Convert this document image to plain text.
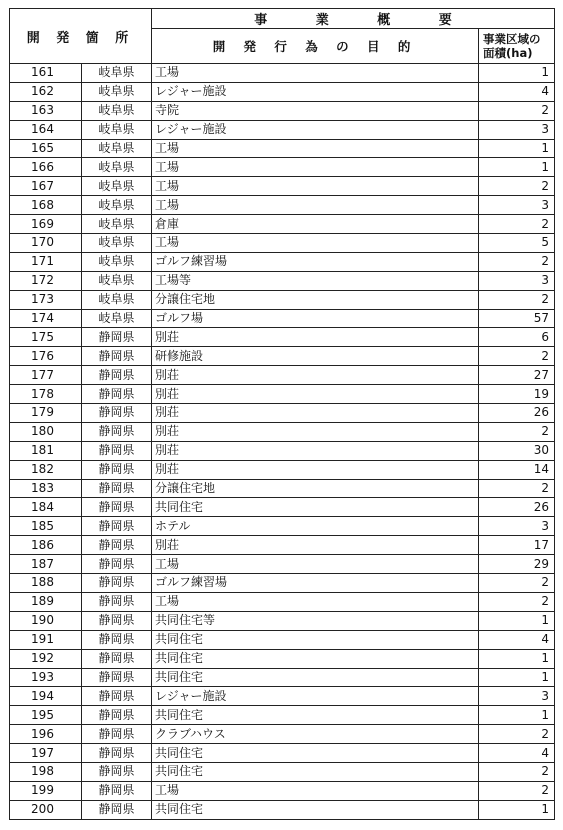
開 発 箇 所		事 業 概 要	
		開 発 行 為 の 目 的	事業区域の
面積(ha)

161	岐阜県	工場	1
162	岐阜県	レジャー施設	4
163	岐阜県	寺院	2
164	岐阜県	レジャー施設	3
165	岐阜県	工場	1
166	岐阜県	工場	1
167	岐阜県	工場	2
168	岐阜県	工場	3
169	岐阜県	倉庫	2
170	岐阜県	工場	5
171	岐阜県	ゴルフ練習場	2
172	岐阜県	工場等	3
173	岐阜県	分譲住宅地	2
174	岐阜県	ゴルフ場	57
175	静岡県	別荘	6
176	静岡県	研修施設	2
177	静岡県	別荘	27
178	静岡県	別荘	19
179	静岡県	別荘	26
180	静岡県	別荘	2
181	静岡県	別荘	30
182	静岡県	別荘	14
183	静岡県	分譲住宅地	2
184	静岡県	共同住宅	26
185	静岡県	ホテル	3
186	静岡県	別荘	17
187	静岡県	工場	29
188	静岡県	ゴルフ練習場	2
189	静岡県	工場	2
190	静岡県	共同住宅等	1
191	静岡県	共同住宅	4
192	静岡県	共同住宅	1
193	静岡県	共同住宅	1
194	静岡県	レジャー施設	3
195	静岡県	共同住宅	1
196	静岡県	クラブハウス	2
197	静岡県	共同住宅	4
198	静岡県	共同住宅	2
199	静岡県	工場	2
200	静岡県	共同住宅	1
